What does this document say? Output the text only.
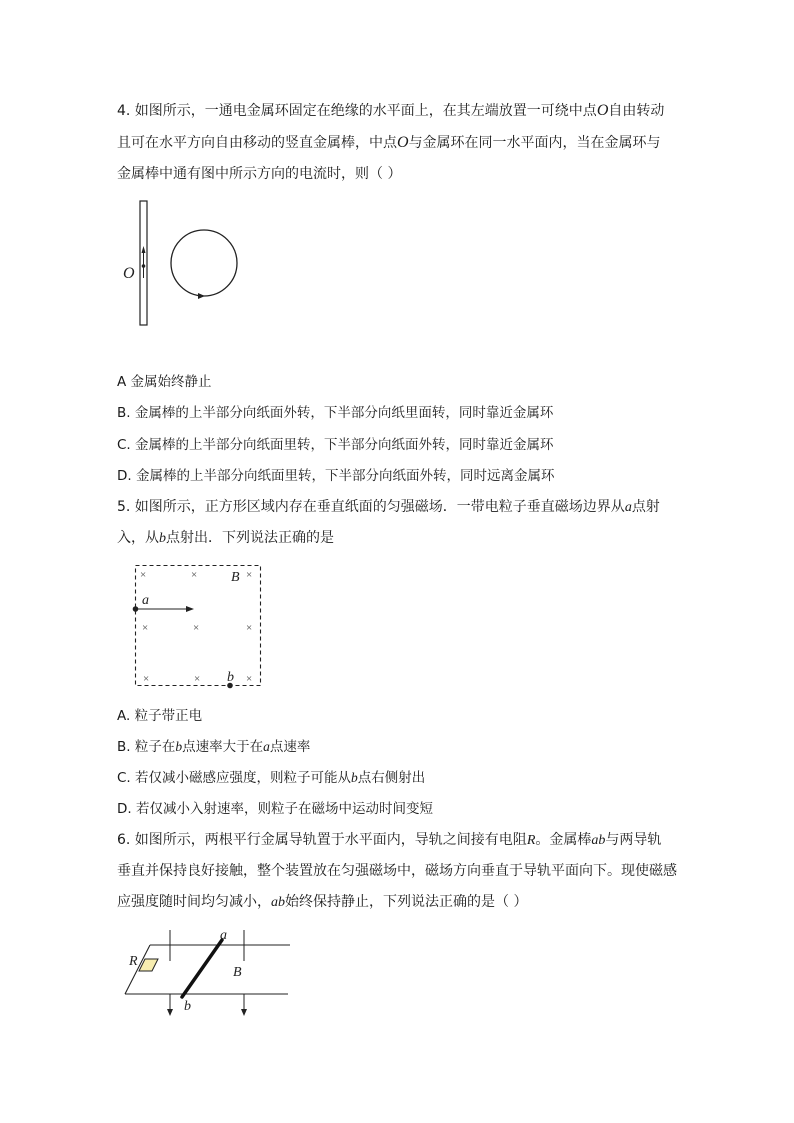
4. 如图所示，一通电金属环固定在绝缘的水平面上，在其左端放置一可绕中点O自由转动
且可在水平方向自由移动的竖直金属棒，中点O与金属环在同一水平面内，当在金属环与
金属棒中通有图中所示方向的电流时，则（ ）
O
A 金属始终静止
B. 金属棒的上半部分向纸面外转，下半部分向纸里面转，同时靠近金属环
C. 金属棒的上半部分向纸面里转，下半部分向纸面外转，同时靠近金属环
D. 金属棒的上半部分向纸面里转，下半部分向纸面外转，同时远离金属环
5. 如图所示，正方形区域内存在垂直纸面的匀强磁场．一带电粒子垂直磁场边界从a点射
入，从b点射出．下列说法正确的是
×	×	×
×	×	×
×	×	×
B
a
b
A. 粒子带正电
B. 粒子在b点速率大于在a点速率
C. 若仅减小磁感应强度，则粒子可能从b点右侧射出
D. 若仅减小入射速率，则粒子在磁场中运动时间变短
6. 如图所示，两根平行金属导轨置于水平面内，导轨之间接有电阻R。金属棒ab与两导轨
垂直并保持良好接触，整个装置放在匀强磁场中，磁场方向垂直于导轨平面向下。现使磁感
应强度随时间均匀减小，ab始终保持静止，下列说法正确的是（ ）
R
a
b
B
